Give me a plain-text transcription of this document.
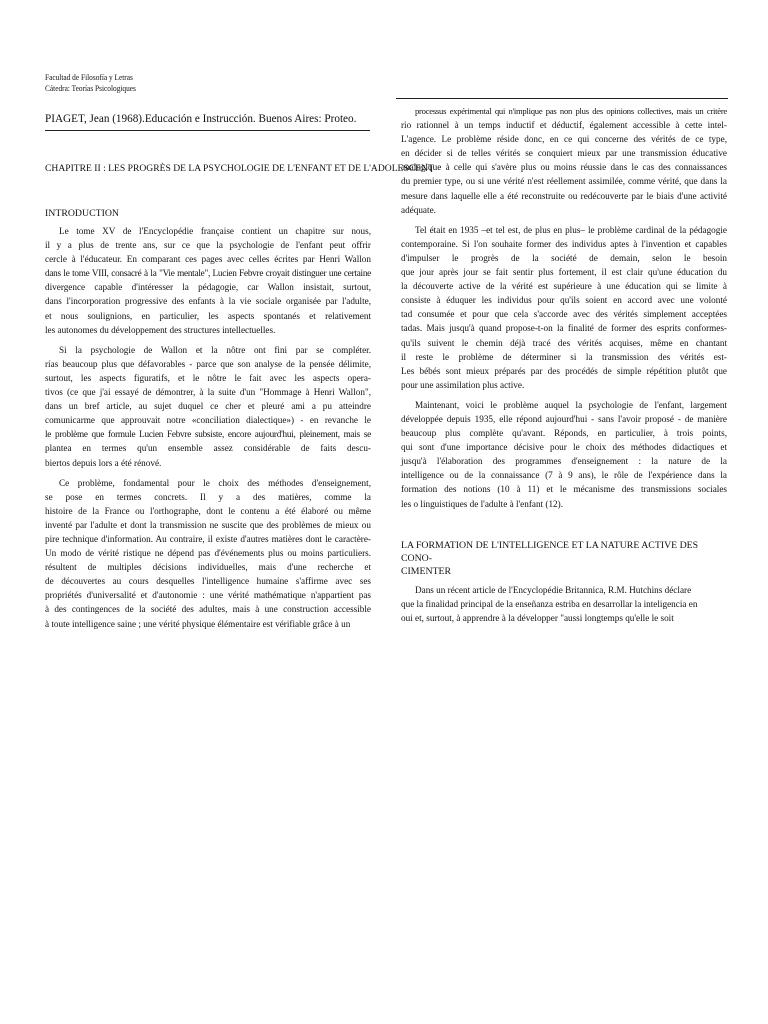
Facultad de Filosofía y Letras
Cátedra: Teorías Psicologiques
PIAGET, Jean (1968).Educación e Instrucción. Buenos Aires: Proteo.
CHAPITRE II : LES PROGRÈS DE LA PSYCHOLOGIE DE L'ENFANT ET DE L'ADOLESCENT
INTRODUCTION
Le tome XV de l'Encyclopédie française contient un chapitre sur nous,
il y a plus de trente ans, sur ce que la psychologie de l'enfant peut offrir
cercle à l'éducateur. En comparant ces pages avec celles écrites par Henri Wallon
dans le tome VIII, consacré à la "Vie mentale", Lucien Febvre croyait distinguer une certaine
divergence capable d'intéresser la pédagogie, car Wallon insistait, surtout,
dans l'incorporation progressive des enfants à la vie sociale organisée par l'adulte,
et nous soulignions, en particulier, les aspects spontanés et relativement
les autonomes du développement des structures intellectuelles.
Si la psychologie de Wallon et la nôtre ont fini par se compléter.
rías beaucoup plus que défavorables - parce que son analyse de la pensée délimite,
surtout, les aspects figuratifs, et le nôtre le fait avec les aspects opera-
tivos (ce que j'ai essayé de démontrer, à la suite d'un "Hommage à Henri Wallon",
dans un bref article, au sujet duquel ce cher et pleuré ami a pu atteindre
comunicarme que approuvait notre «conciliation dialectique») - en revanche le
le problème que formule Lucien Febvre subsiste, encore aujourd'hui, pleinement, mais se
plantea en termes qu'un ensemble assez considérable de faits descu-
biertos depuis lors a été rénové.
Ce problème, fondamental pour le choix des méthodes d'enseignement,
se pose en termes concrets. Il y a des matières, comme la
histoire de la France ou l'orthographe, dont le contenu a été élaboré ou même
inventé par l'adulte et dont la transmission ne suscite que des problèmes de mieux ou
pire technique d'information. Au contraire, il existe d'autres matières dont le caractère-
Un modo de vérité ristique ne dépend pas d'événements plus ou moins particuliers.
résultent de multiples décisions individuelles, mais d'une recherche et
de découvertes au cours desquelles l'intelligence humaine s'affirme avec ses
propriétés d'universalité et d'autonomie : une vérité mathématique n'appartient pas
à des contingences de la société des adultes, mais à une construction accessible
à toute intelligence saine ; une vérité physique élémentaire est vérifiable grâce à un
processus expérimental qui n'implique pas non plus des opinions collectives, mais un critère
rio rationnel à un temps inductif et déductif, également accessible à cette intel-
L'agence. Le problème réside donc, en ce qui concerne des vérités de ce type,
en décider si de telles vérités se conquiert mieux par une transmission éducative
analogique à celle qui s'avère plus ou moins réussie dans le cas des connaissances
du premier type, ou si une vérité n'est réellement assimilée, comme vérité, que dans la
mesure dans laquelle elle a été reconstruite ou redécouverte par le biais d'une activité
adéquate.
Tel était en 1935 –et tel est, de plus en plus– le problème cardinal de la pédagogie
contemporaine. Si l'on souhaite former des individus aptes à l'invention et capables
d'impulser le progrès de la société de demain, selon le besoin
que jour après jour se fait sentir plus fortement, il est clair qu'une éducation du
la découverte active de la vérité est supérieure à une éducation qui se limite à
consiste à éduquer les individus pour qu'ils soient en accord avec une volonté
tad consumée et pour que cela s'accorde avec des vérités simplement acceptées
tadas. Mais jusqu'à quand propose-t-on la finalité de former des esprits conformes-
qu'ils suivent le chemin déjà tracé des vérités acquises, même en chantant
il reste le problème de déterminer si la transmission des vérités est-
Les bébés sont mieux préparés par des procédés de simple répétition plutôt que
pour une assimilation plus active.
Maintenant, voici le problème auquel la psychologie de l'enfant, largement
développée depuis 1935, elle répond aujourd'hui - sans l'avoir proposé - de manière
beaucoup plus complète qu'avant. Réponds, en particulier, à trois points,
qui sont d'une importance décisive pour le choix des méthodes didactiques et
jusqu'à l'élaboration des programmes d'enseignement : la nature de la
intelligence ou de la connaissance (7 à 9 ans), le rôle de l'expérience dans la
formation des notions (10 à 11) et le mécanisme des transmissions sociales
les o linguistiques de l'adulte à l'enfant (12).
LA FORMATION DE L'INTELLIGENCE ET LA NATURE ACTIVE DES CONO-
CIMENTER
Dans un récent article de l'Encyclopédie Britannica, R.M. Hutchins déclare
que la finalidad principal de la enseñanza estriba en desarrollar la inteligencia en
oui et, surtout, à apprendre à la développer "aussi longtemps qu'elle le soit
